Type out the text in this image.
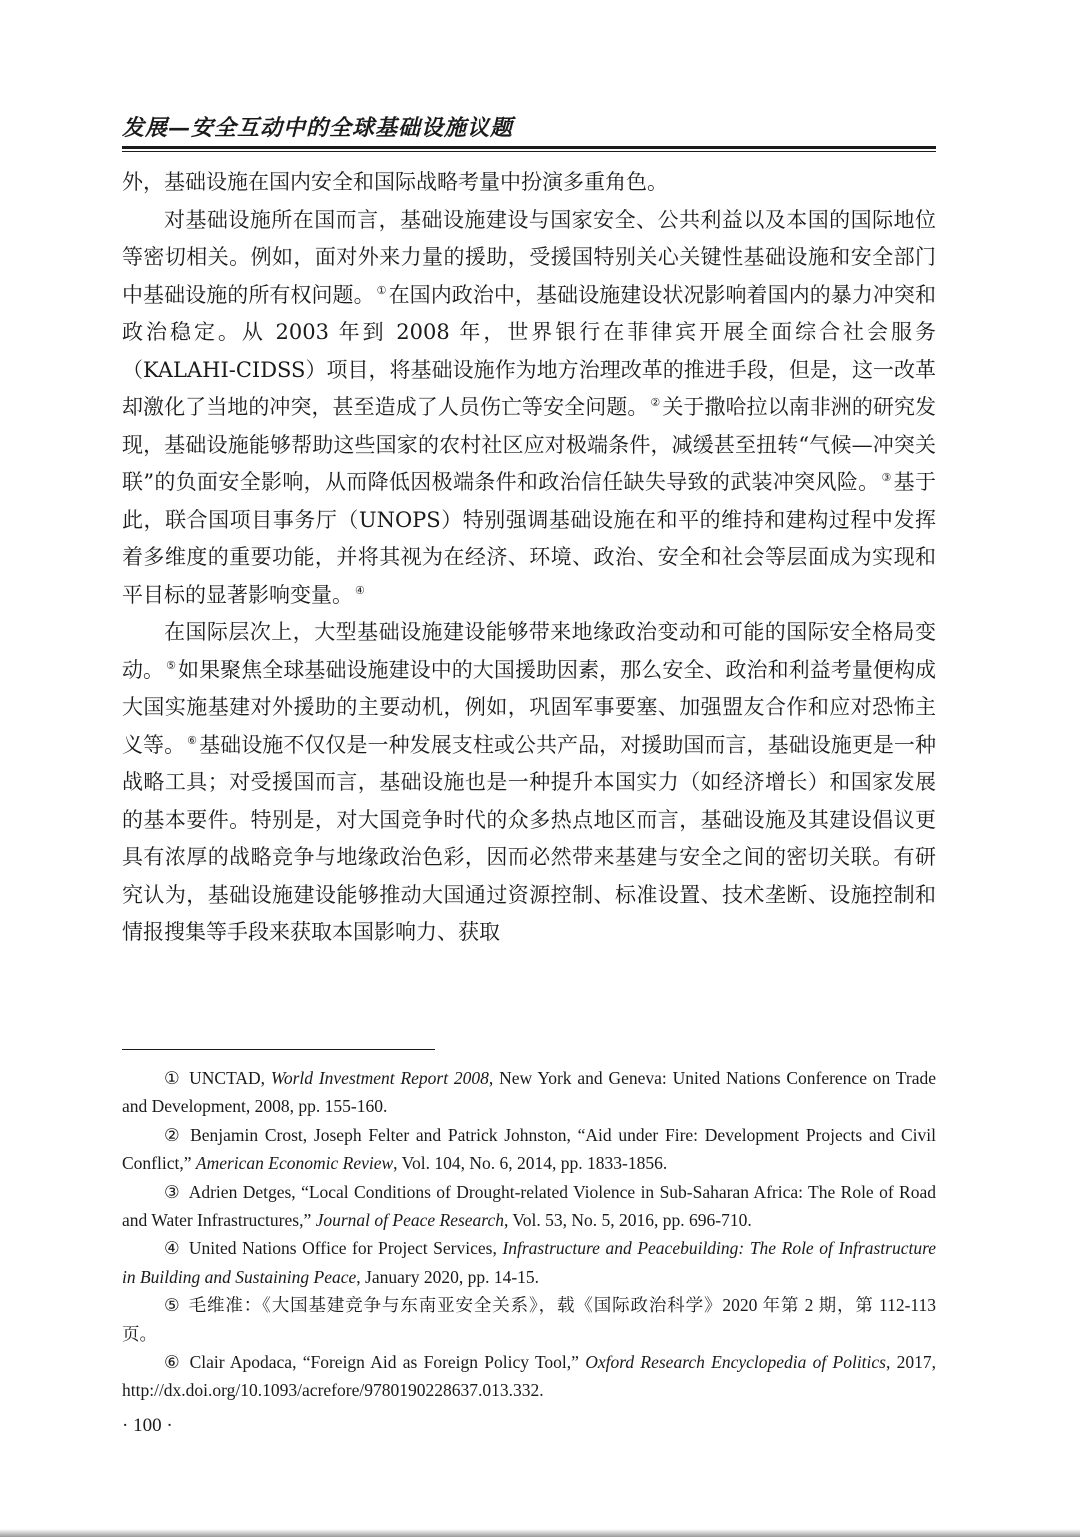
发展—安全互动中的全球基础设施议题

外，基础设施在国内安全和国际战略考量中扮演多重角色。

对基础设施所在国而言，基础设施建设与国家安全、公共利益以及本国的国际地位等密切相关。例如，面对外来力量的援助，受援国特别关心关键性基础设施和安全部门中基础设施的所有权问题。 ①在国内政治中，基础设施建设状况影响着国内的暴力冲突和政治稳定。从 2003 年到 2008 年，世界银行在菲律宾开展全面综合社会服务（KALAHI-CIDSS）项目，将基础设施作为地方治理改革的推进手段，但是，这一改革却激化了当地的冲突，甚至造成了人员伤亡等安全问题。 ②关于撒哈拉以南非洲的研究发现，基础设施能够帮助这些国家的农村社区应对极端条件，减缓甚至扭转“气候—冲突关联”的负面安全影响，从而降低因极端条件和政治信任缺失导致的武装冲突风险。 ③基于此，联合国项目事务厅（UNOPS）特别强调基础设施在和平的维持和建构过程中发挥着多维度的重要功能，并将其视为在经济、环境、政治、安全和社会等层面成为实现和平目标的显著影响变量。 ④

在国际层次上，大型基础设施建设能够带来地缘政治变动和可能的国际安全格局变动。 ⑤如果聚焦全球基础设施建设中的大国援助因素，那么安全、政治和利益考量便构成大国实施基建对外援助的主要动机，例如，巩固军事要塞、加强盟友合作和应对恐怖主义等。 ⑥基础设施不仅仅是一种发展支柱或公共产品，对援助国而言，基础设施更是一种战略工具；对受援国而言，基础设施也是一种提升本国实力（如经济增长）和国家发展的基本要件。特别是，对大国竞争时代的众多热点地区而言，基础设施及其建设倡议更具有浓厚的战略竞争与地缘政治色彩，因而必然带来基建与安全之间的密切关联。有研究认为，基础设施建设能够推动大国通过资源控制、标准设置、技术垄断、设施控制和情报搜集等手段来获取本国影响力、获取

① UNCTAD, World Investment Report 2008, New York and Geneva: United Nations Conference on Trade and Development, 2008, pp. 155-160.

② Benjamin Crost, Joseph Felter and Patrick Johnston, “Aid under Fire: Development Projects and Civil Conflict,” American Economic Review, Vol. 104, No. 6, 2014, pp. 1833-1856.

③ Adrien Detges, “Local Conditions of Drought-related Violence in Sub-Saharan Africa: The Role of Road and Water Infrastructures,” Journal of Peace Research, Vol. 53, No. 5, 2016, pp. 696-710.

④ United Nations Office for Project Services, Infrastructure and Peacebuilding: The Role of Infrastructure in Building and Sustaining Peace, January 2020, pp. 14-15.

⑤ 毛维准：《大国基建竞争与东南亚安全关系》，载《国际政治科学》2020 年第 2 期，第 112-113 页。

⑥ Clair Apodaca, “Foreign Aid as Foreign Policy Tool,” Oxford Research Encyclopedia of Politics, 2017, http://dx.doi.org/10.1093/acrefore/9780190228637.013.332.

· 100 ·
